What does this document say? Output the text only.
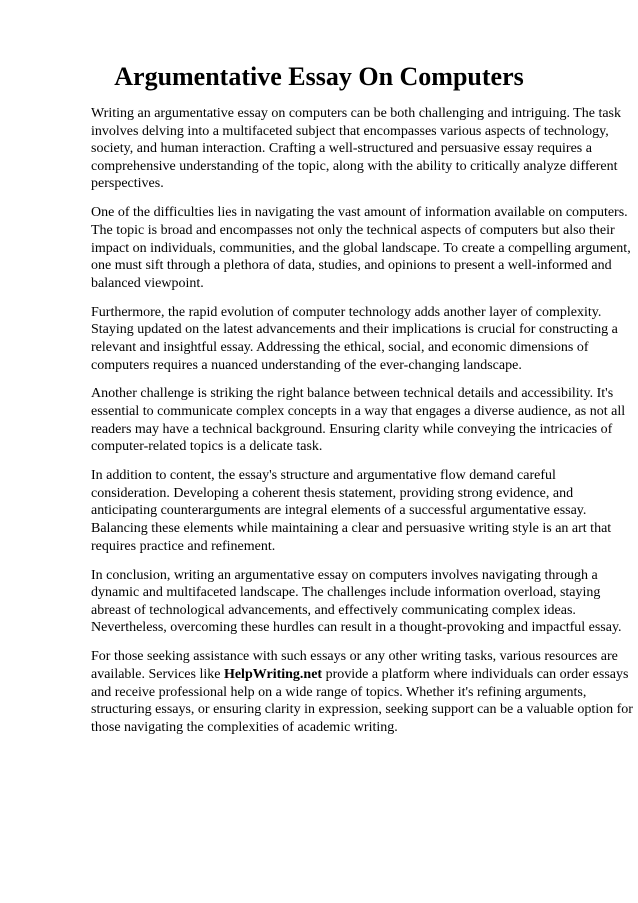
Argumentative Essay On Computers

Writing an argumentative essay on computers can be both challenging and intriguing. The task
involves delving into a multifaceted subject that encompasses various aspects of technology,
society, and human interaction. Crafting a well-structured and persuasive essay requires a
comprehensive understanding of the topic, along with the ability to critically analyze different
perspectives.

One of the difficulties lies in navigating the vast amount of information available on computers.
The topic is broad and encompasses not only the technical aspects of computers but also their
impact on individuals, communities, and the global landscape. To create a compelling argument,
one must sift through a plethora of data, studies, and opinions to present a well-informed and
balanced viewpoint.

Furthermore, the rapid evolution of computer technology adds another layer of complexity.
Staying updated on the latest advancements and their implications is crucial for constructing a
relevant and insightful essay. Addressing the ethical, social, and economic dimensions of
computers requires a nuanced understanding of the ever-changing landscape.

Another challenge is striking the right balance between technical details and accessibility. It's
essential to communicate complex concepts in a way that engages a diverse audience, as not all
readers may have a technical background. Ensuring clarity while conveying the intricacies of
computer-related topics is a delicate task.

In addition to content, the essay's structure and argumentative flow demand careful
consideration. Developing a coherent thesis statement, providing strong evidence, and
anticipating counterarguments are integral elements of a successful argumentative essay.
Balancing these elements while maintaining a clear and persuasive writing style is an art that
requires practice and refinement.

In conclusion, writing an argumentative essay on computers involves navigating through a
dynamic and multifaceted landscape. The challenges include information overload, staying
abreast of technological advancements, and effectively communicating complex ideas.
Nevertheless, overcoming these hurdles can result in a thought-provoking and impactful essay.

For those seeking assistance with such essays or any other writing tasks, various resources are
available. Services like HelpWriting.net provide a platform where individuals can order essays
and receive professional help on a wide range of topics. Whether it's refining arguments,
structuring essays, or ensuring clarity in expression, seeking support can be a valuable option for
those navigating the complexities of academic writing.
